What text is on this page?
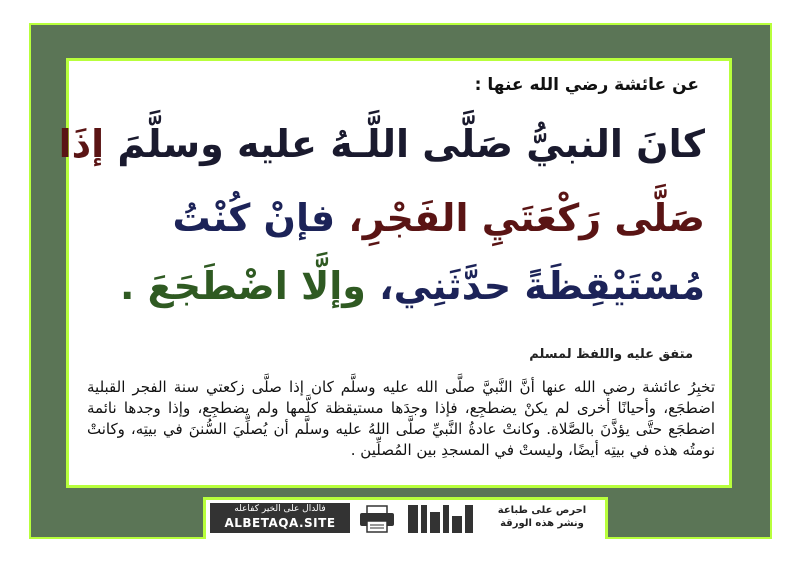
عن عائشة رضي الله عنها :
كانَ النبيُّ صَلَّى اللَّـهُ عليه وسلَّمَ إذَا
صَلَّى رَكْعَتَيِ الفَجْرِ، فإنْ كُنْتُ
مُسْتَيْقِظَةً حدَّثَنِي، وإلَّا اضْطَجَعَ .
متفق عليه واللفظ لمسلم
تخبِرُ عائشة رضي الله عنها أنَّ النَّبيَّ صلَّى الله عليه وسلَّم كان إذا صلَّى زكعتي سنة الفجر القبلية اضطجَع، وأحيانًا أخرى لم يكنْ يضطجِع، فإذا وجدَها مستيقظة كلَّمها ولم يضطجِع، وإذا وجدها نائمة اضطجَع حتَّى يؤذَّنَ بالصَّلاة. وكانتْ عادةُ النَّبيِّ صلَّى اللهُ عليه وسلَّم أن يُصلِّيَ السُّننَ في بيتِه، وكانتْ نومتُه هذه في بيتِه أيضًا، وليستْ في المسجدِ بين المُصلِّين .
فالدال على الخير كفاعله
ALBETAQA.SITE
احرص على طباعة
ونشر هذه الورقة
